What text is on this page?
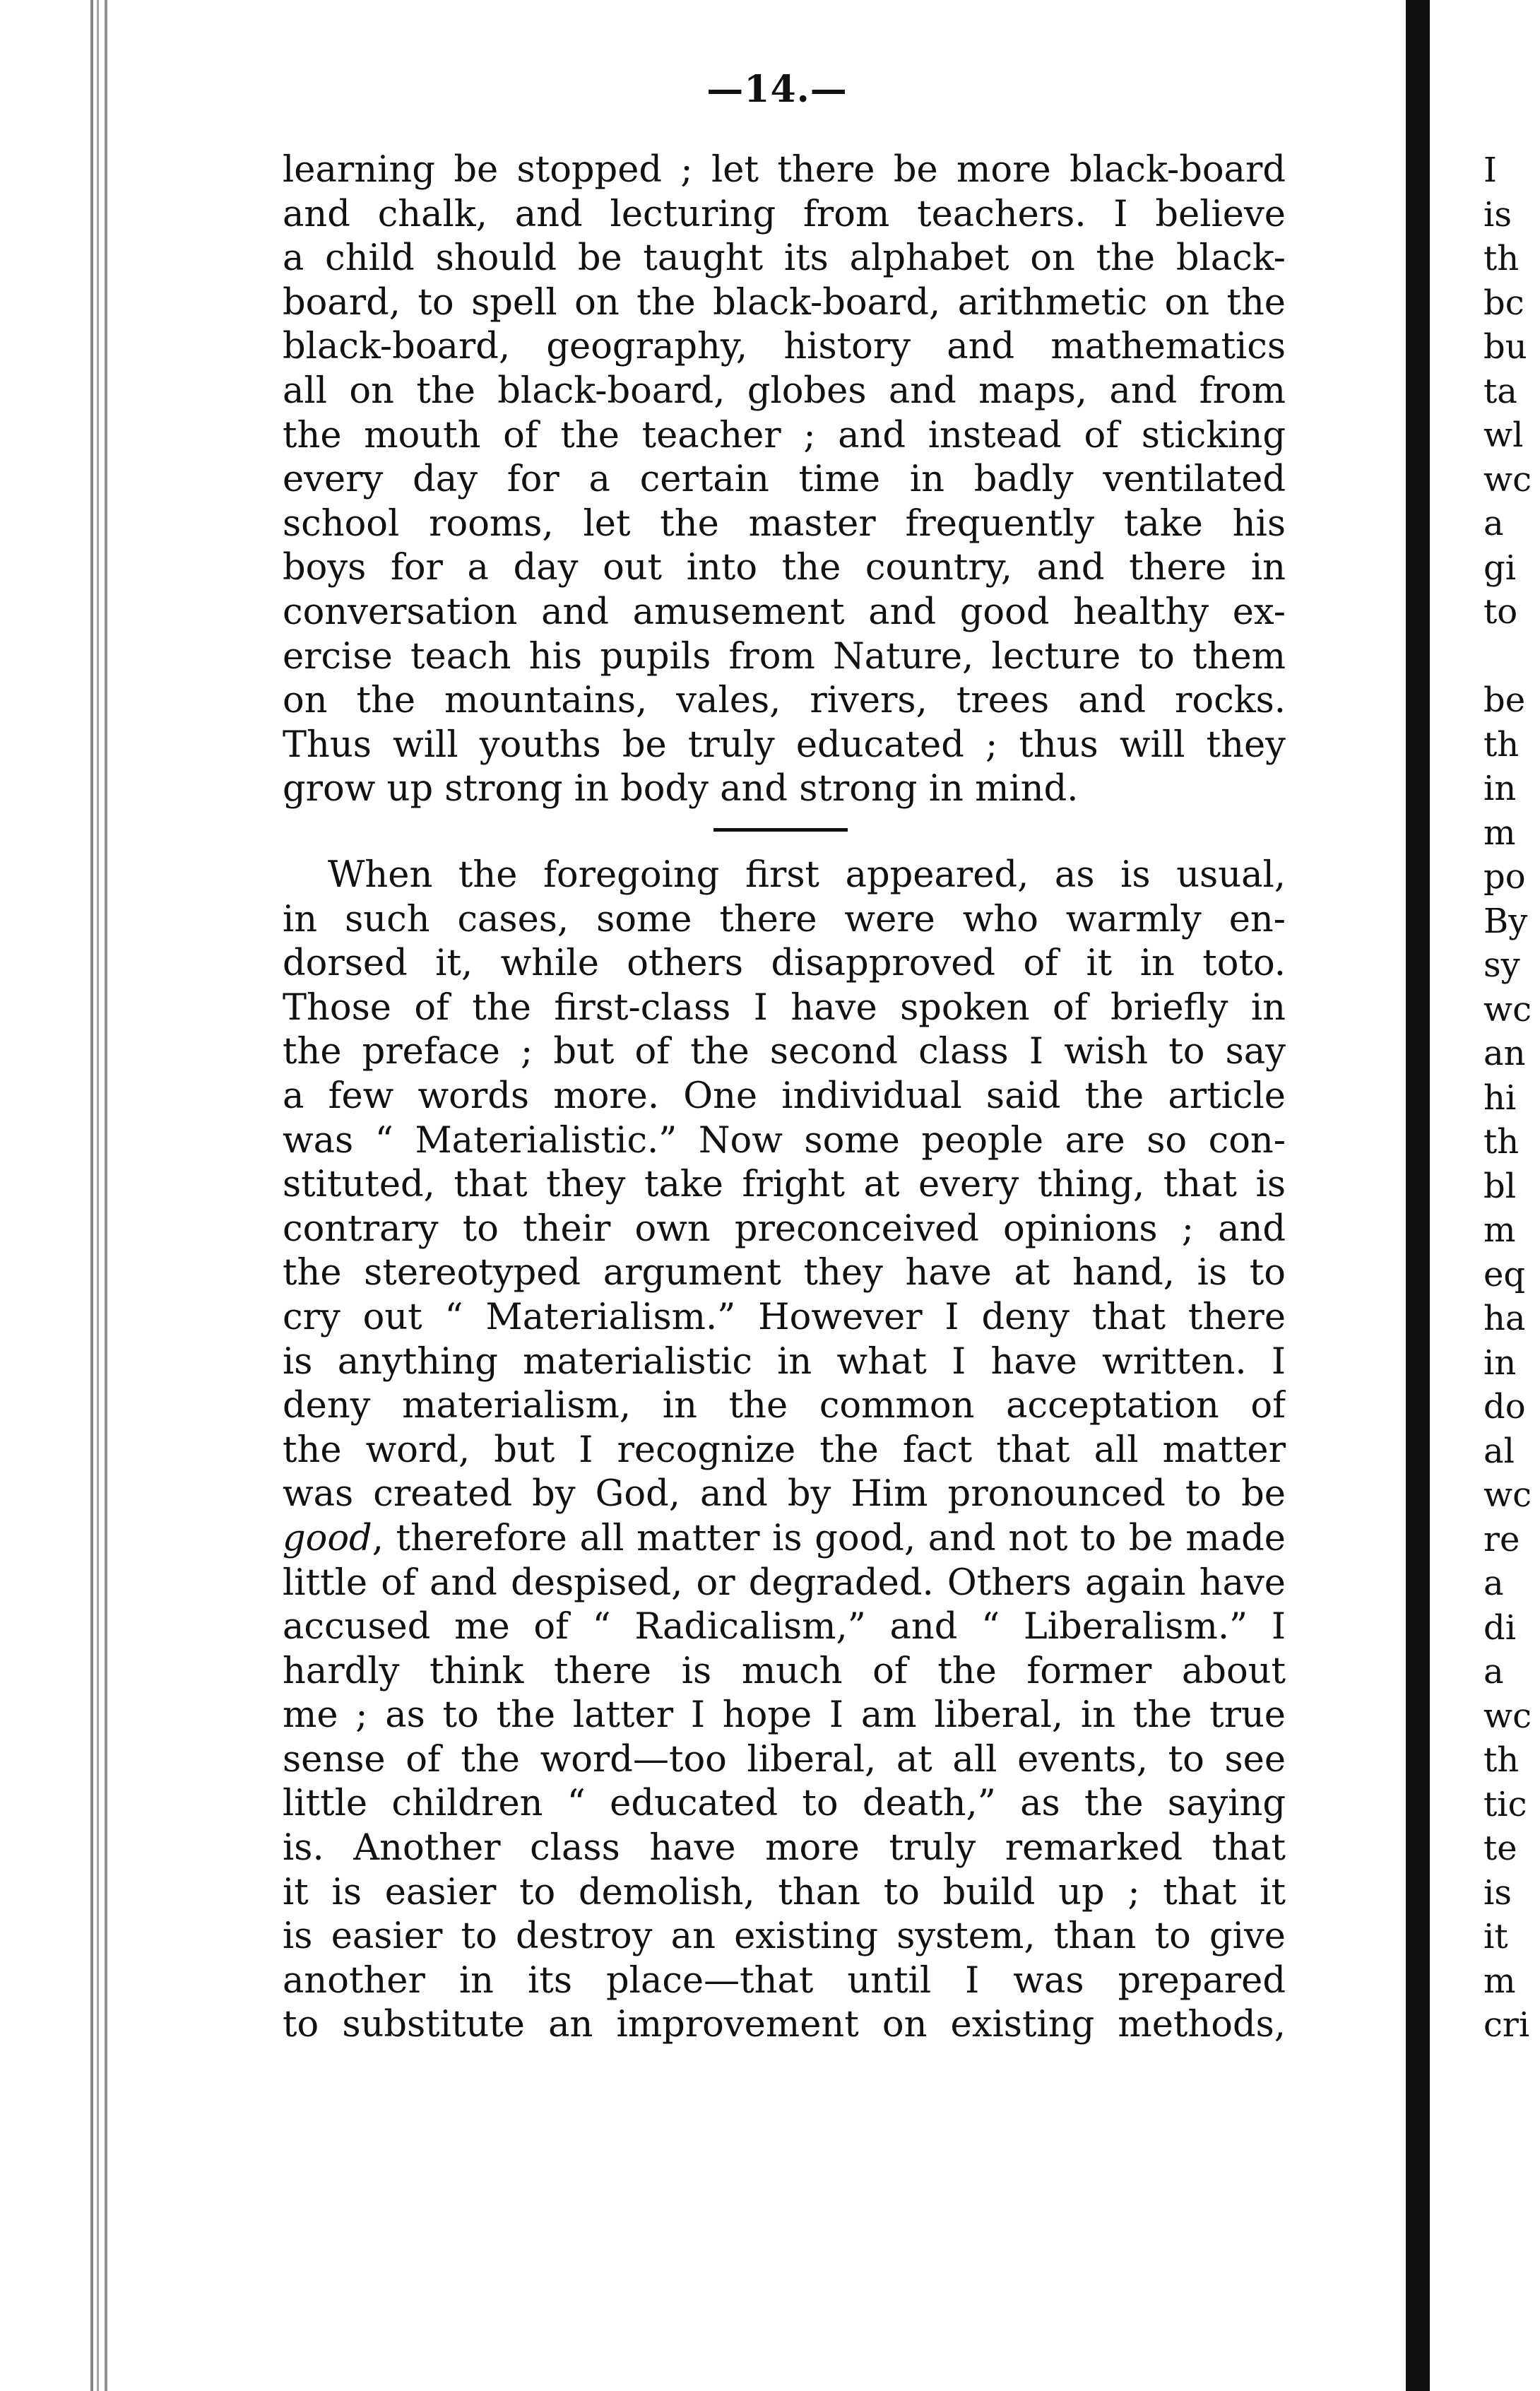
—14.—
learning be stopped ; let there be more black-board
and chalk, and lecturing from teachers. I believe
a child should be taught its alphabet on the black-
board, to spell on the black-board, arithmetic on the
black-board, geography, history and mathematics
all on the black-board, globes and maps, and from
the mouth of the teacher ; and instead of sticking
every day for a certain time in badly ventilated
school rooms, let the master frequently take his
boys for a day out into the country, and there in
conversation and amusement and good healthy ex-
ercise teach his pupils from Nature, lecture to them
on the mountains, vales, rivers, trees and rocks.
Thus will youths be truly educated ; thus will they
grow up strong in body and strong in mind.
When the foregoing first appeared, as is usual,
in such cases, some there were who warmly en-
dorsed it, while others disapproved of it in toto.
Those of the first-class I have spoken of briefly in
the preface ; but of the second class I wish to say
a few words more. One individual said the article
was “ Materialistic.” Now some people are so con-
stituted, that they take fright at every thing, that is
contrary to their own preconceived opinions ; and
the stereotyped argument they have at hand, is to
cry out “ Materialism.” However I deny that there
is anything materialistic in what I have written. I
deny materialism, in the common acceptation of
the word, but I recognize the fact that all matter
was created by God, and by Him pronounced to be
good, therefore all matter is good, and not to be made
little of and despised, or degraded. Others again have
accused me of “ Radicalism,” and “ Liberalism.” I
hardly think there is much of the former about
me ; as to the latter I hope I am liberal, in the true
sense of the word—too liberal, at all events, to see
little children “ educated to death,” as the saying
is. Another class have more truly remarked that
it is easier to demolish, than to build up ; that it
is easier to destroy an existing system, than to give
another in its place—that until I was prepared
to substitute an improvement on existing methods,
I
is
th
bc
bu
ta
wl
wc
a
gi
to
be
th
in
m
po
By
sy
wc
an
hi
th
bl
m
eq
ha
in
do
al
wc
re
a
di
a
wc
th
tic
te
is
it
m
cri
